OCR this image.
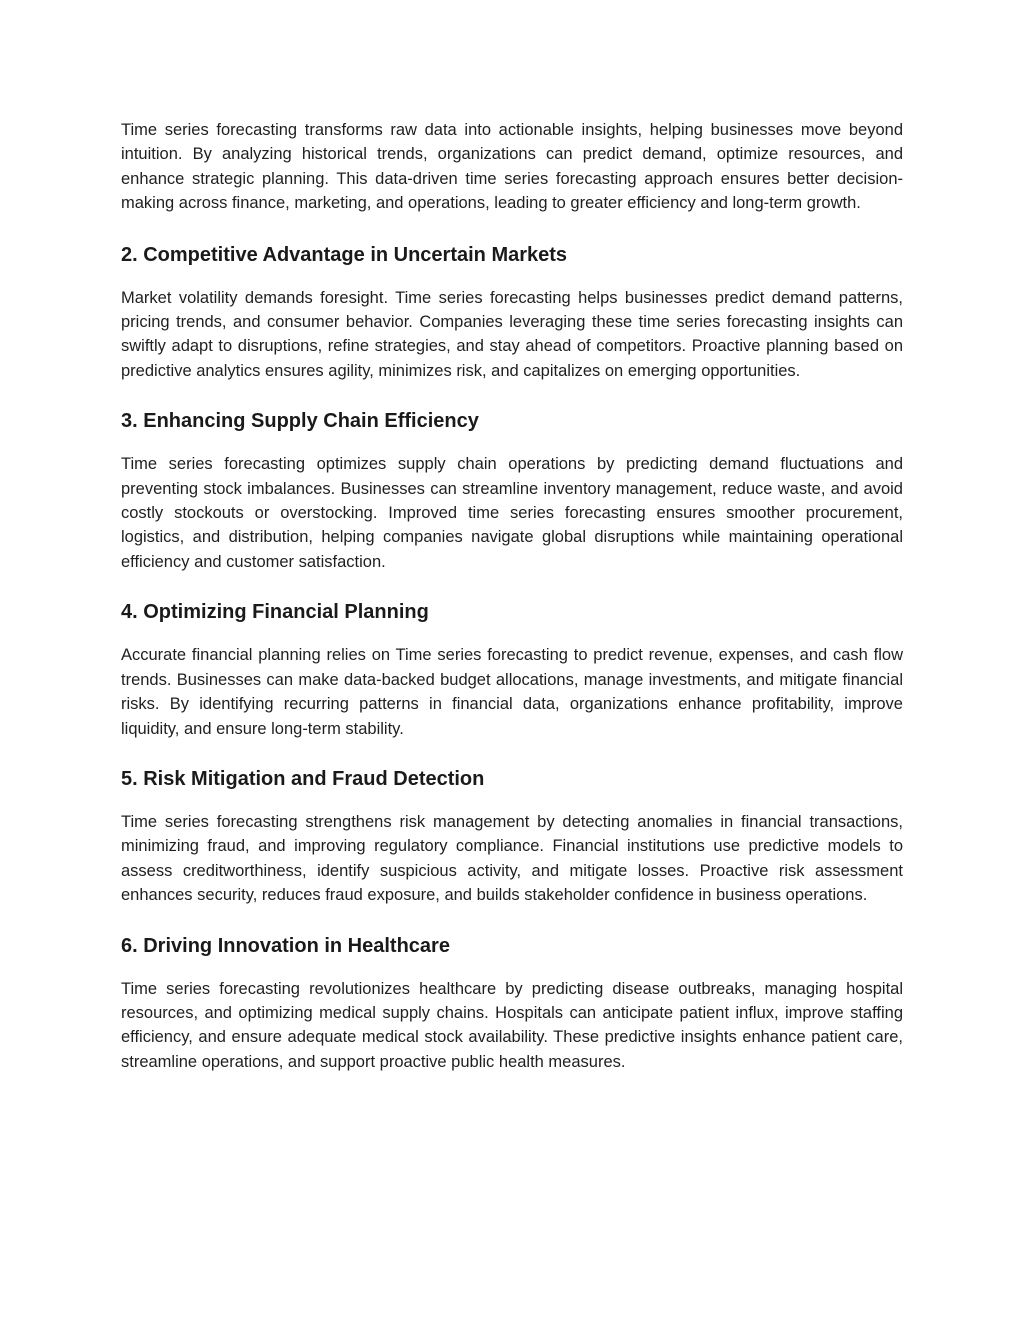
Time series forecasting transforms raw data into actionable insights, helping businesses move beyond intuition. By analyzing historical trends, organizations can predict demand, optimize resources, and enhance strategic planning. This data-driven time series forecasting approach ensures better decision-making across finance, marketing, and operations, leading to greater efficiency and long-term growth.

2. Competitive Advantage in Uncertain Markets

Market volatility demands foresight. Time series forecasting helps businesses predict demand patterns, pricing trends, and consumer behavior. Companies leveraging these time series forecasting insights can swiftly adapt to disruptions, refine strategies, and stay ahead of competitors. Proactive planning based on predictive analytics ensures agility, minimizes risk, and capitalizes on emerging opportunities.

3. Enhancing Supply Chain Efficiency

Time series forecasting optimizes supply chain operations by predicting demand fluctuations and preventing stock imbalances. Businesses can streamline inventory management, reduce waste, and avoid costly stockouts or overstocking. Improved time series forecasting ensures smoother procurement, logistics, and distribution, helping companies navigate global disruptions while maintaining operational efficiency and customer satisfaction.

4. Optimizing Financial Planning

Accurate financial planning relies on Time series forecasting to predict revenue, expenses, and cash flow trends. Businesses can make data-backed budget allocations, manage investments, and mitigate financial risks. By identifying recurring patterns in financial data, organizations enhance profitability, improve liquidity, and ensure long-term stability.

5. Risk Mitigation and Fraud Detection

Time series forecasting strengthens risk management by detecting anomalies in financial transactions, minimizing fraud, and improving regulatory compliance. Financial institutions use predictive models to assess creditworthiness, identify suspicious activity, and mitigate losses. Proactive risk assessment enhances security, reduces fraud exposure, and builds stakeholder confidence in business operations.

6. Driving Innovation in Healthcare

Time series forecasting revolutionizes healthcare by predicting disease outbreaks, managing hospital resources, and optimizing medical supply chains. Hospitals can anticipate patient influx, improve staffing efficiency, and ensure adequate medical stock availability. These predictive insights enhance patient care, streamline operations, and support proactive public health measures.
